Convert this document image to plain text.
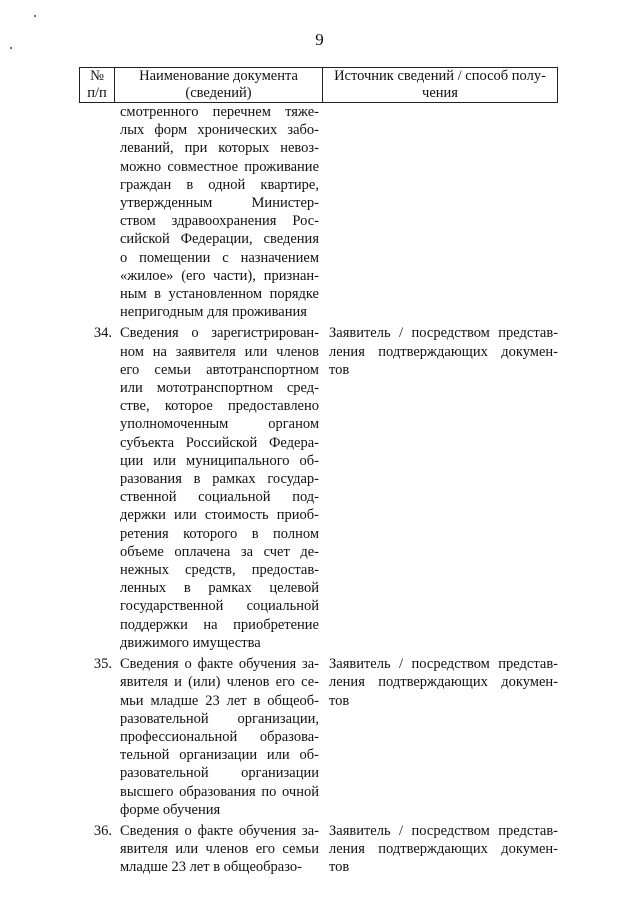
9
№
п/п
Наименование документа
(сведений)
Источник сведений / способ полу-
чения
смотренного перечнем тяже-
лых форм хронических забо-
леваний, при которых невоз-
можно совместное проживание
граждан в одной квартире,
утвержденным Министер-
ством здравоохранения Рос-
сийской Федерации, сведения
о помещении с назначением
«жилое» (его части), признан-
ным в установленном порядке
непригодным для проживания
34. Сведения о зарегистрирован-
ном на заявителя или членов
его семьи автотранспортном
или мототранспортном сред-
стве, которое предоставлено
уполномоченным органом
субъекта Российской Федера-
ции или муниципального об-
разования в рамках государ-
ственной социальной под-
держки или стоимость приоб-
ретения которого в полном
объеме оплачена за счет де-
нежных средств, предостав-
ленных в рамках целевой
государственной социальной
поддержки на приобретение
движимого имущества
Заявитель / посредством представ-
ления подтверждающих докумен-
тов
35. Сведения о факте обучения за-
явителя и (или) членов его се-
мьи младше 23 лет в общеоб-
разовательной организации,
профессиональной образова-
тельной организации или об-
разовательной организации
высшего образования по очной
форме обучения
Заявитель / посредством представ-
ления подтверждающих докумен-
тов
36. Сведения о факте обучения за-
явителя или членов его семьи
младше 23 лет в общеобразо-
Заявитель / посредством представ-
ления подтверждающих докумен-
тов
